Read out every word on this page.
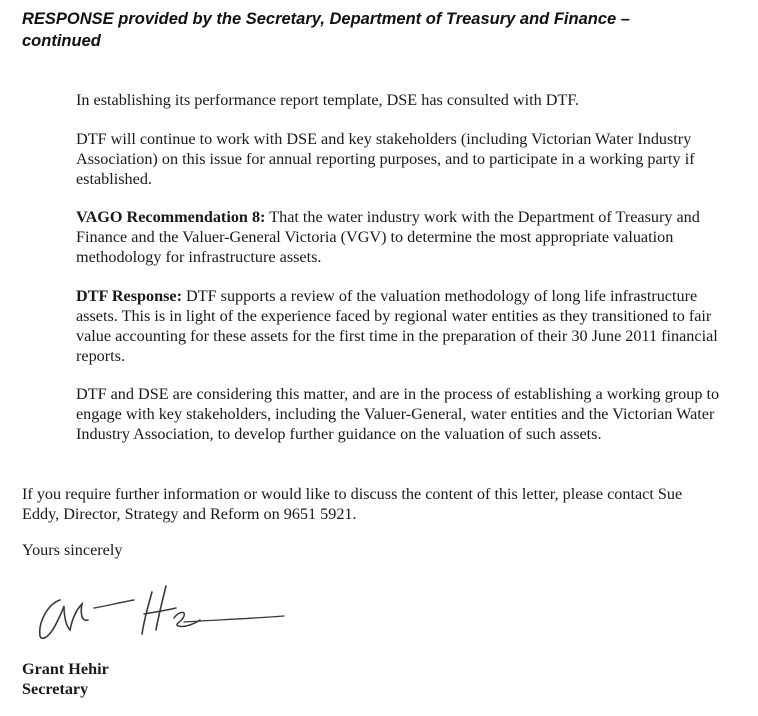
RESPONSE provided by the Secretary, Department of Treasury and Finance –
continued

In establishing its performance report template, DSE has consulted with DTF.

DTF will continue to work with DSE and key stakeholders (including Victorian Water Industry Association) on this issue for annual reporting purposes, and to participate in a working party if established.

VAGO Recommendation 8: That the water industry work with the Department of Treasury and Finance and the Valuer-General Victoria (VGV) to determine the most appropriate valuation methodology for infrastructure assets.

DTF Response: DTF supports a review of the valuation methodology of long life infrastructure assets. This is in light of the experience faced by regional water entities as they transitioned to fair value accounting for these assets for the first time in the preparation of their 30 June 2011 financial reports.

DTF and DSE are considering this matter, and are in the process of establishing a working group to engage with key stakeholders, including the Valuer-General, water entities and the Victorian Water Industry Association, to develop further guidance on the valuation of such assets.

If you require further information or would like to discuss the content of this letter, please contact Sue Eddy, Director, Strategy and Reform on 9651 5921.

Yours sincerely

Grant Hehir

Secretary
